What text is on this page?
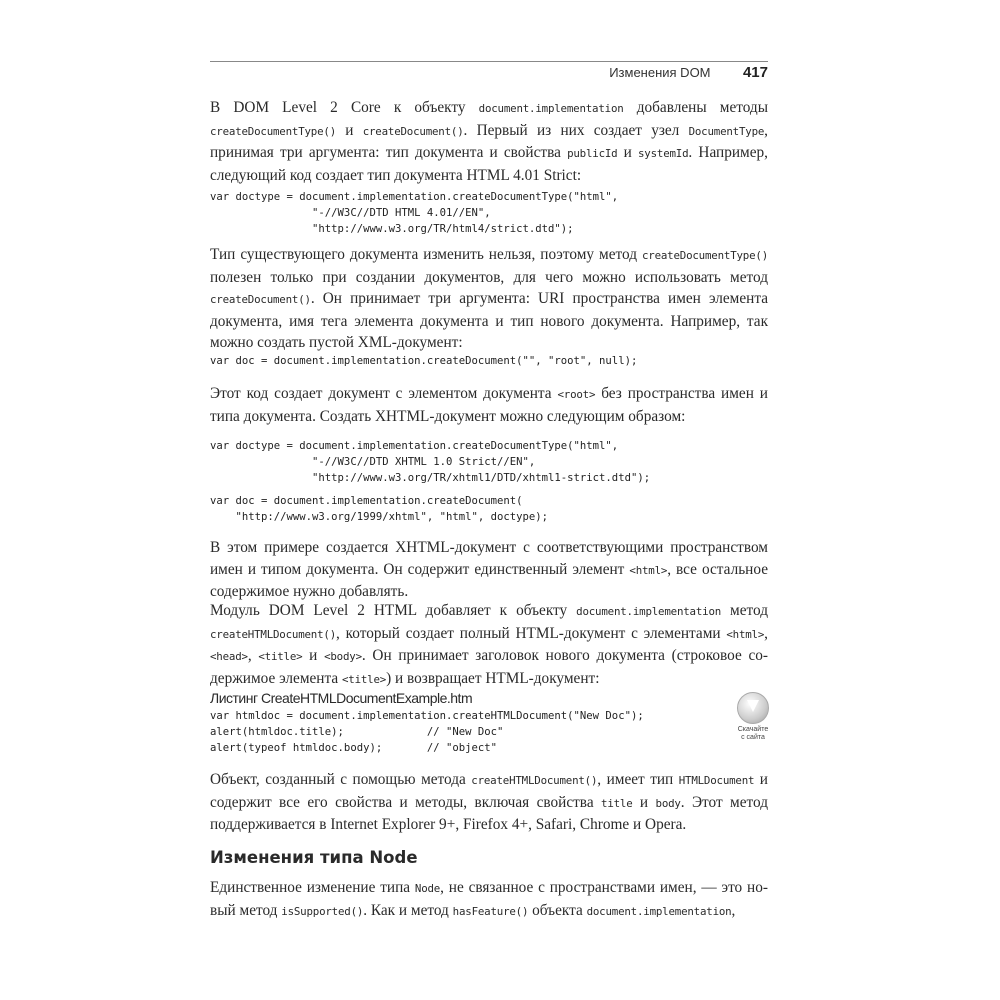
Изменения DOM 417

В DOM Level 2 Core к объекту document.implementation добавлены методы createDocumentType() и createDocument(). Первый из них создает узел DocumentType, принимая три аргумента: тип документа и свойства publicId и systemId. Например, следующий код создает тип документа HTML 4.01 Strict:

var doctype = document.implementation.createDocumentType("html",
"-//W3C//DTD HTML 4.01//EN",
"http://www.w3.org/TR/html4/strict.dtd");

Тип существующего документа изменить нельзя, поэтому метод createDocumentType() полезен только при создании документов, для чего можно использовать метод createDocument(). Он принимает три аргумента: URI пространства имен элемента документа, имя тега элемента документа и тип нового документа. Например, так можно создать пустой XML-документ:

var doc = document.implementation.createDocument("", "root", null);

Этот код создает документ с элементом документа <root> без пространства имен и типа документа. Создать XHTML-документ можно следующим образом:

var doctype = document.implementation.createDocumentType("html",
"-//W3C//DTD XHTML 1.0 Strict//EN",
"http://www.w3.org/TR/xhtml1/DTD/xhtml1-strict.dtd");
var doc = document.implementation.createDocument(
"http://www.w3.org/1999/xhtml", "html", doctype);

В этом примере создается XHTML-документ с соответствующими пространством имен и типом документа. Он содержит единственный элемент <html>, все остальное содержимое нужно добавлять.

Модуль DOM Level 2 HTML добавляет к объекту document.implementation метод createHTMLDocument(), который создает полный HTML-документ с элементами <html>, <head>, <title> и <body>. Он принимает заголовок нового документа (строковое содержимое элемента <title>) и возвращает HTML-документ:

Листинг CreateHTMLDocumentExample.htm
var htmldoc = document.implementation.createHTMLDocument("New Doc");
alert(htmldoc.title);             // "New Doc"
alert(typeof htmldoc.body);       // "object"
Скачайте
с сайта

Объект, созданный с помощью метода createHTMLDocument(), имеет тип HTMLDocument и содержит все его свойства и методы, включая свойства title и body. Этот метод поддерживается в Internet Explorer 9+, Firefox 4+, Safari, Chrome и Opera.

Изменения типа Node

Единственное изменение типа Node, не связанное с пространствами имен, — это новый метод isSupported(). Как и метод hasFeature() объекта document.implementation,
